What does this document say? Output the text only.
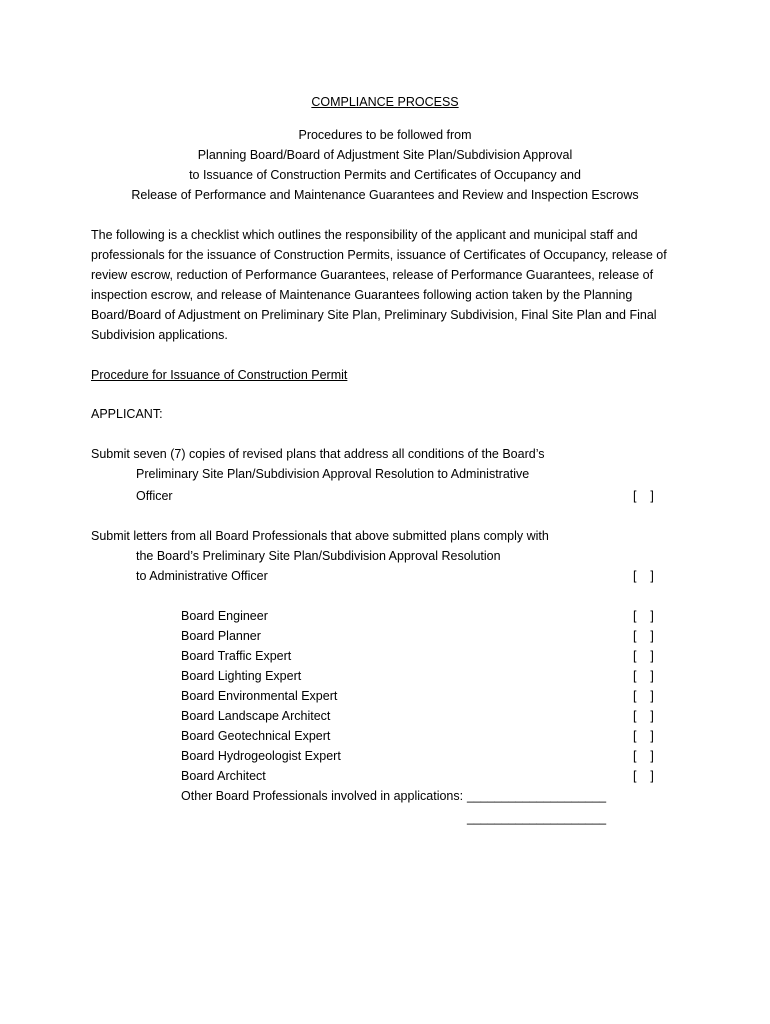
COMPLIANCE PROCESS
Procedures to be followed from
Planning Board/Board of Adjustment Site Plan/Subdivision Approval
to Issuance of Construction Permits and Certificates of Occupancy and
Release of Performance and Maintenance Guarantees and Review and Inspection Escrows
The following is a checklist which outlines the responsibility of the applicant and municipal staff and
professionals for the issuance of Construction Permits, issuance of Certificates of Occupancy, release of
review escrow, reduction of Performance Guarantees, release of Performance Guarantees, release of
inspection escrow, and release of Maintenance Guarantees following action taken by the Planning
Board/Board of Adjustment on Preliminary Site Plan, Preliminary Subdivision, Final Site Plan and Final
Subdivision applications.
Procedure for Issuance of Construction Permit
APPLICANT:
Submit seven (7) copies of revised plans that address all conditions of the Board’s
Preliminary Site Plan/Subdivision Approval Resolution to Administrative
Officer	[    ]
Submit letters from all Board Professionals that above submitted plans comply with
the Board’s Preliminary Site Plan/Subdivision Approval Resolution
to Administrative Officer	[    ]
Board Engineer	[    ]
Board Planner	[    ]
Board Traffic Expert	[    ]
Board Lighting Expert	[    ]
Board Environmental Expert	[    ]
Board Landscape Architect	[    ]
Board Geotechnical Expert	[    ]
Board Hydrogeologist Expert	[    ]
Board Architect	[    ]
Other Board Professionals involved in applications: ____________________
____________________
